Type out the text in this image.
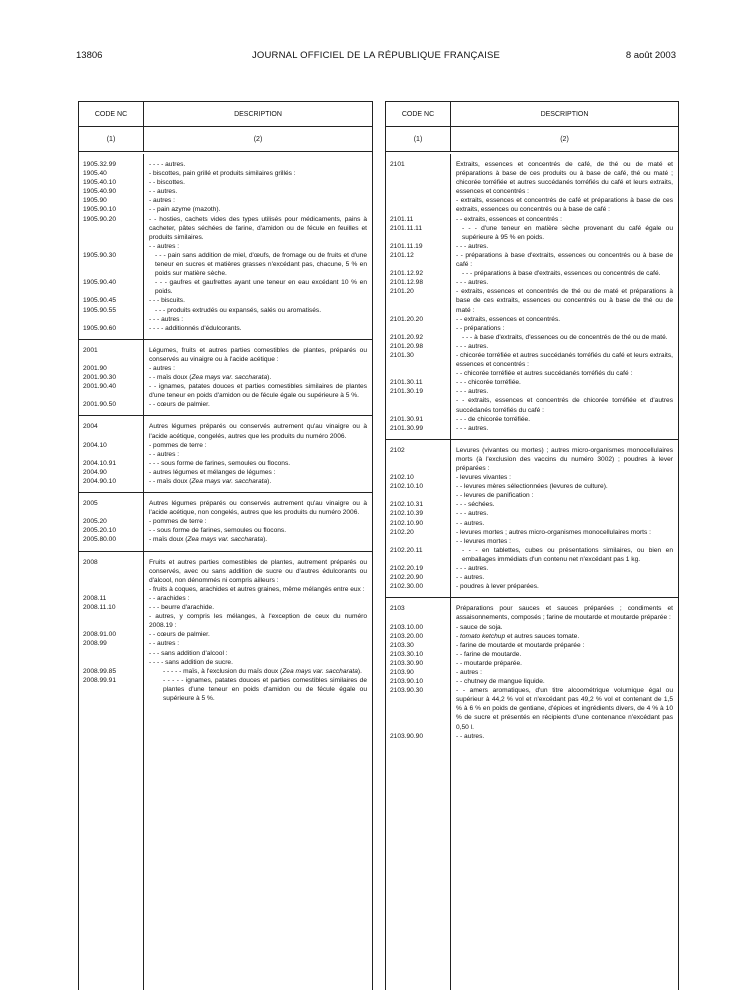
13806	JOURNAL OFFICIEL DE LA RÉPUBLIQUE FRANÇAISE	8 août 2003
CODE NC	DESCRIPTION
(1)	(2)
1905.32.99	- - - - autres.
1905.40	- biscottes, pain grillé et produits similaires grillés :
1905.40.10	- - biscottes.
1905.40.90	- - autres.
1905.90	- autres :
1905.90.10	- - pain azyme (mazoth).
1905.90.20	- - hosties, cachets vides des types utilisés pour médicaments, pains à cacheter, pâtes séchées de farine, d'amidon ou de fécule en feuilles et produits similaires.
- - autres :
1905.90.30	- - - pain sans addition de miel, d'œufs, de fromage ou de fruits et d'une teneur en sucres et matières grasses n'excédant pas, chacune, 5 % en poids sur matière sèche.
1905.90.40	- - - gaufres et gaufrettes ayant une teneur en eau excédant 10 % en poids.
1905.90.45	- - - biscuits.
1905.90.55	- - - produits extrudés ou expansés, salés ou aromatisés.
- - - autres :
1905.90.60	- - - - additionnés d'édulcorants.
2001	Légumes, fruits et autres parties comestibles de plantes, préparés ou conservés au vinaigre ou à l'acide acétique :
2001.90	- autres :
2001.90.30	- - maïs doux (Zea mays var. saccharata).
2001.90.40	- - ignames, patates douces et parties comestibles similaires de plantes d'une teneur en poids d'amidon ou de fécule égale ou supérieure à 5 %.
2001.90.50	- - cœurs de palmier.
2004	Autres légumes préparés ou conservés autrement qu'au vinaigre ou à l'acide acétique, congelés, autres que les produits du numéro 2006.
2004.10	- pommes de terre :
- - autres :
2004.10.91	- - - sous forme de farines, semoules ou flocons.
2004.90	- autres légumes et mélanges de légumes :
2004.90.10	- - maïs doux (Zea mays var. saccharata).
2005	Autres légumes préparés ou conservés autrement qu'au vinaigre ou à l'acide acétique, non congelés, autres que les produits du numéro 2006.
2005.20	- pommes de terre :
2005.20.10	- - sous forme de farines, semoules ou flocons.
2005.80.00	- maïs doux (Zea mays var. saccharata).
2008	Fruits et autres parties comestibles de plantes, autrement préparés ou conservés, avec ou sans addition de sucre ou d'autres édulcorants ou d'alcool, non dénommés ni compris ailleurs :
- fruits à coques, arachides et autres graines, même mélangés entre eux :
2008.11	- - arachides :
2008.11.10	- - - beurre d'arachide.
- autres, y compris les mélanges, à l'exception de ceux du numéro 2008.19 :
2008.91.00	- - cœurs de palmier.
2008.99	- - autres :
- - - sans addition d'alcool :
- - - - sans addition de sucre.
2008.99.85	- - - - - maïs, à l'exclusion du maïs doux (Zea mays var. saccharata).
2008.99.91	- - - - - ignames, patates douces et parties comestibles similaires de plantes d'une teneur en poids d'amidon ou de fécule égale ou supérieure à 5 %.
CODE NC	DESCRIPTION
(1)	(2)
2101	Extraits, essences et concentrés de café, de thé ou de maté et préparations à base de ces produits ou à base de café, thé ou maté ; chicorée torréfiée et autres succédanés torréfiés du café et leurs extraits, essences et concentrés :
- extraits, essences et concentrés de café et préparations à base de ces extraits, essences ou concentrés ou à base de café :
2101.11	- - extraits, essences et concentrés :
2101.11.11	- - - d'une teneur en matière sèche provenant du café égale ou supérieure à 95 % en poids.
2101.11.19	- - - autres.
2101.12	- - préparations à base d'extraits, essences ou concentrés ou à base de café :
2101.12.92	- - - préparations à base d'extraits, essences ou concentrés de café.
2101.12.98	- - - autres.
2101.20	- extraits, essences et concentrés de thé ou de maté et préparations à base de ces extraits, essences ou concentrés ou à base de thé ou de maté :
2101.20.20	- - extraits, essences et concentrés.
- - préparations :
2101.20.92	- - - à base d'extraits, d'essences ou de concentrés de thé ou de maté.
2101.20.98	- - - autres.
2101.30	- chicorée torréfiée et autres succédanés torréfiés du café et leurs extraits, essences et concentrés :
- - chicorée torréfiée et autres succédanés torréfiés du café :
2101.30.11	- - - chicorée torréfiée.
2101.30.19	- - - autres.
- - extraits, essences et concentrés de chicorée torréfiée et d'autres succédanés torréfiés du café :
2101.30.91	- - - de chicorée torréfiée.
2101.30.99	- - - autres.
2102	Levures (vivantes ou mortes) ; autres micro-organismes monocellulaires morts (à l'exclusion des vaccins du numéro 3002) ; poudres à lever préparées :
2102.10	- levures vivantes :
2102.10.10	- - levures mères sélectionnées (levures de culture).
- - levures de panification :
2102.10.31	- - - séchées.
2102.10.39	- - - autres.
2102.10.90	- - autres.
2102.20	- levures mortes ; autres micro-organismes monocellulaires morts :
- - levures mortes :
2102.20.11	- - - en tablettes, cubes ou présentations similaires, ou bien en emballages immédiats d'un contenu net n'excédant pas 1 kg.
2102.20.19	- - - autres.
2102.20.90	- - autres.
2102.30.00	- poudres à lever préparées.
2103	Préparations pour sauces et sauces préparées ; condiments et assaisonnements, composés ; farine de moutarde et moutarde préparée :
2103.10.00	- sauce de soja.
2103.20.00	- tomato ketchup et autres sauces tomate.
2103.30	- farine de moutarde et moutarde préparée :
2103.30.10	- - farine de moutarde.
2103.30.90	- - moutarde préparée.
2103.90	- autres :
2103.90.10	- - chutney de mangue liquide.
2103.90.30	- - amers aromatiques, d'un titre alcoométrique volumique égal ou supérieur à 44,2 % vol et n'excédant pas 49,2 % vol et contenant de 1,5 % à 6 % en poids de gentiane, d'épices et ingrédients divers, de 4 % à 10 % de sucre et présentés en récipients d'une contenance n'excédant pas 0,50 l.
2103.90.90	- - autres.
